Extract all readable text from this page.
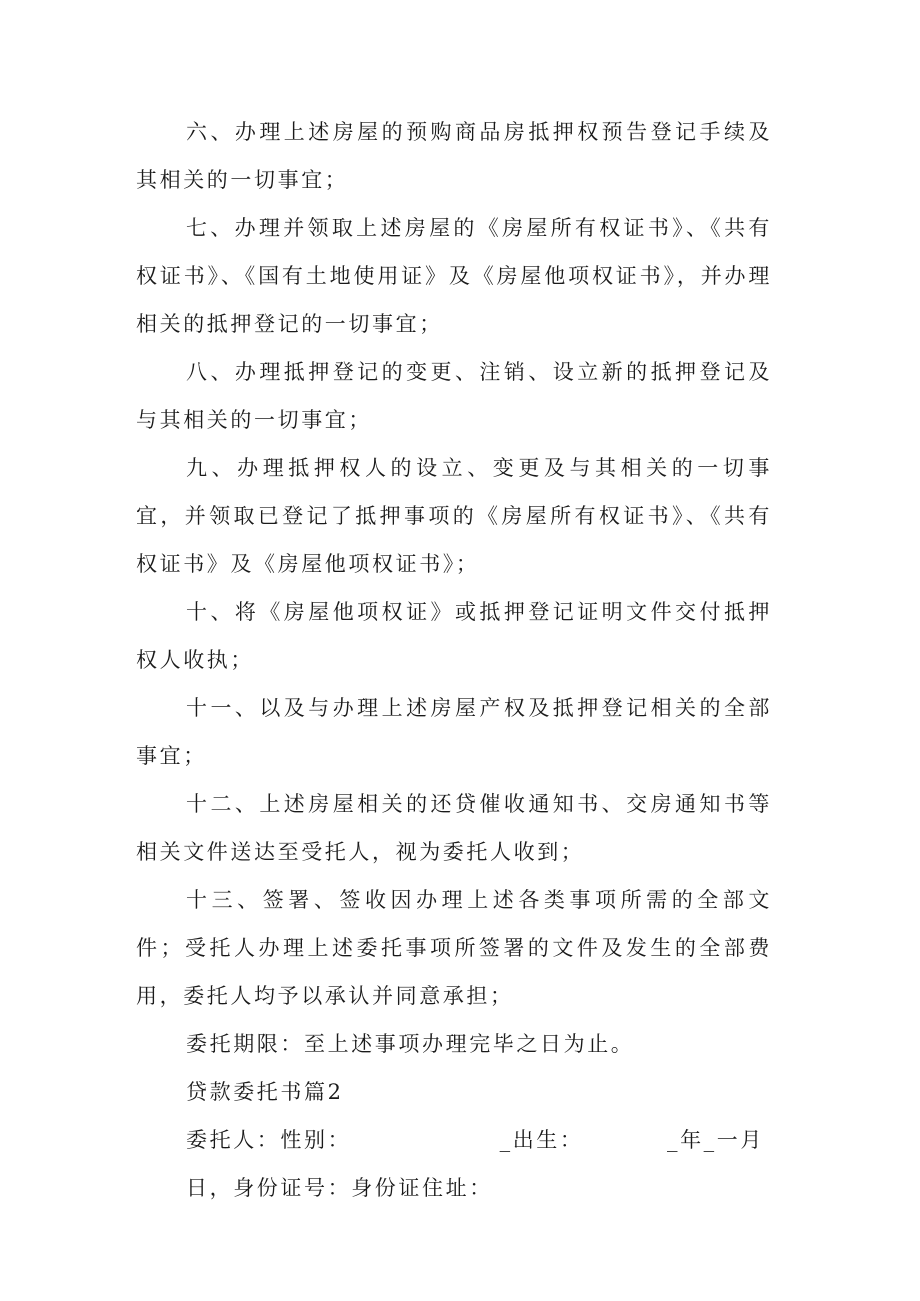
六、办理上述房屋的预购商品房抵押权预告登记手续及其相关的一切事宜；

七、办理并领取上述房屋的《房屋所有权证书》、《共有权证书》、《国有土地使用证》及《房屋他项权证书》，并办理相关的抵押登记的一切事宜；

八、办理抵押登记的变更、注销、设立新的抵押登记及与其相关的一切事宜；

九、办理抵押权人的设立、变更及与其相关的一切事宜，并领取已登记了抵押事项的《房屋所有权证书》、《共有权证书》及《房屋他项权证书》；

十、将《房屋他项权证》或抵押登记证明文件交付抵押权人收执；

十一、以及与办理上述房屋产权及抵押登记相关的全部事宜；

十二、上述房屋相关的还贷催收通知书、交房通知书等相关文件送达至受托人，视为委托人收到；

十三、签署、签收因办理上述各类事项所需的全部文件；受托人办理上述委托事项所签署的文件及发生的全部费用，委托人均予以承认并同意承担；

委托期限：至上述事项办理完毕之日为止。

贷款委托书篇2

委托人：性别：                _出生：         _年_一月

日，身份证号：身份证住址：
